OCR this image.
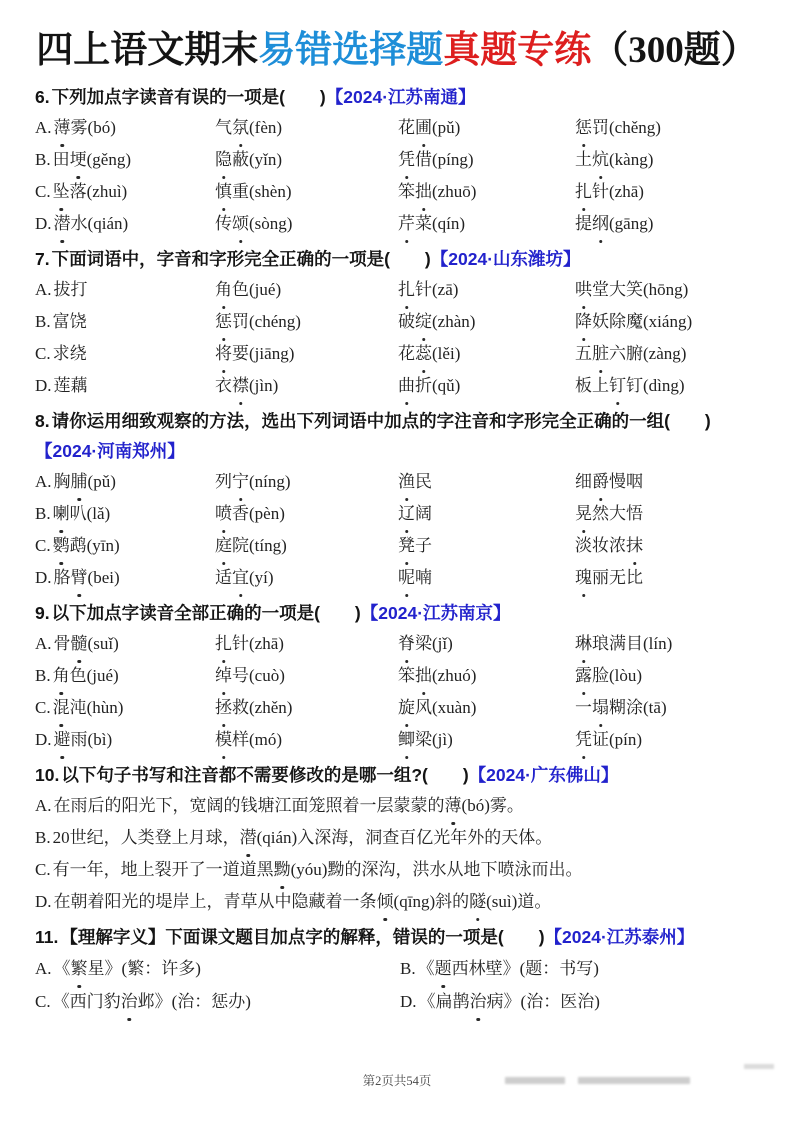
四上语文期末易错选择题真题专练（300题）

6. 下列加点字读音有误的一项是(　　)【2024·江苏南通】

A. 薄雾(bó)	气氛(fèn)	花圃(pǔ)	惩罚(chěng)
B. 田埂(gěng)	隐蔽(yǐn)	凭借(píng)	土炕(kàng)
C. 坠落(zhuì)	慎重(shèn)	笨拙(zhuō)	扎针(zhā)
D. 潜水(qián)	传颂(sòng)	芹菜(qín)	提纲(gāng)

7. 下面词语中，字音和字形完全正确的一项是(　　)【2024·山东潍坊】

A. 拔打	角色(jué)	扎针(zā)	哄堂大笑(hōng)
B. 富饶	惩罚(chéng)	破绽(zhàn)	降妖除魔(xiáng)
C. 求绕	将要(jiāng)	花蕊(lěi)	五脏六腑(zàng)
D. 莲藕	衣襟(jìn)	曲折(qǔ)	板上钉钉(dìng)

8. 请你运用细致观察的方法，选出下列词语中加点的字注音和字形完全正确的一组(　　)【2024·河南郑州】

A. 胸脯(pǔ)	列宁(níng)	渔民	细爵慢咽
B. 喇叭(lǎ)	喷香(pèn)	辽阔	晃然大悟
C. 鹦鹉(yīn)	庭院(tíng)	凳子	淡妆浓抹
D. 胳臂(bei)	适宜(yí)	呢喃	瑰丽无比

9. 以下加点字读音全部正确的一项是(　　)【2024·江苏南京】

A. 骨髓(suǐ)	扎针(zhā)	脊梁(jǐ)	琳琅满目(lín)
B. 角色(jué)	绰号(cuò)	笨拙(zhuó)	露脸(lòu)
C. 混沌(hùn)	拯救(zhěn)	旋风(xuàn)	一塌糊涂(tā)
D. 避雨(bì)	模样(mó)	鲫梁(jì)	凭证(pín)

10. 以下句子书写和注音都不需要修改的是哪一组?(　　)【2024·广东佛山】

A. 在雨后的阳光下，宽阔的钱塘江面笼照着一层蒙蒙的薄(bó)雾。
B. 20世纪，人类登上月球，潜(qián)入深海，洞查百亿光年外的天体。
C. 有一年，地上裂开了一道道黑黝(yóu)黝的深沟，洪水从地下喷泳而出。
D. 在朝着阳光的堤岸上，青草从中隐藏着一条倾(qīng)斜的隧(suì)道。

11. 【理解字义】下面课文题目加点字的解释，错误的一项是(　　)【2024·江苏泰州】

A. 《繁星》(繁：许多)	B. 《题西林壁》(题：书写)
C. 《西门豹治邺》(治：惩办)	D. 《扁鹊治病》(治：医治)
第2页共54页
